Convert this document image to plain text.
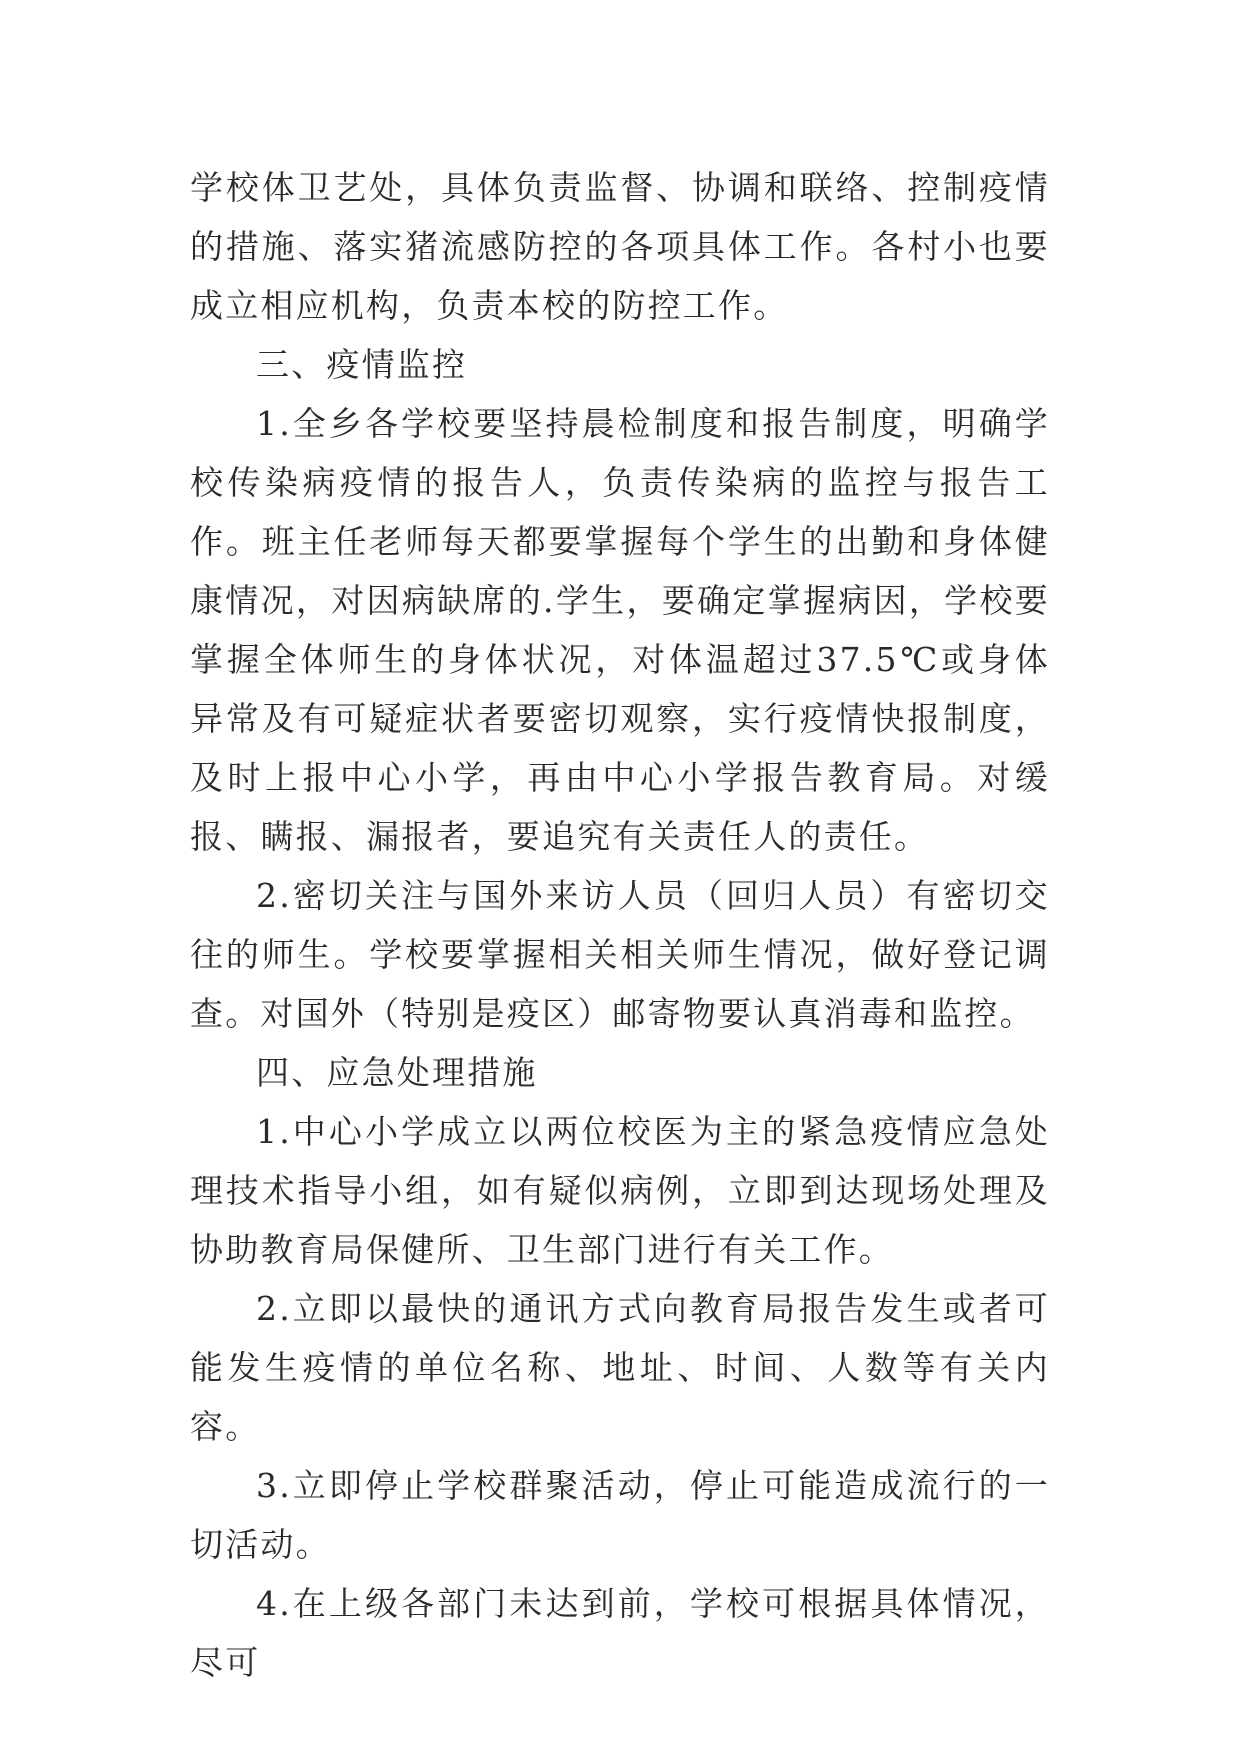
学校体卫艺处，具体负责监督、协调和联络、控制疫情的措施、落实猪流感防控的各项具体工作。各村小也要成立相应机构，负责本校的防控工作。

三、疫情监控

1.全乡各学校要坚持晨检制度和报告制度，明确学校传染病疫情的报告人，负责传染病的监控与报告工作。班主任老师每天都要掌握每个学生的出勤和身体健康情况，对因病缺席的.学生，要确定掌握病因，学校要掌握全体师生的身体状况，对体温超过37.5℃或身体异常及有可疑症状者要密切观察，实行疫情快报制度，及时上报中心小学，再由中心小学报告教育局。对缓报、瞒报、漏报者，要追究有关责任人的责任。

2.密切关注与国外来访人员（回归人员）有密切交往的师生。学校要掌握相关相关师生情况，做好登记调查。对国外（特别是疫区）邮寄物要认真消毒和监控。

四、应急处理措施

1.中心小学成立以两位校医为主的紧急疫情应急处理技术指导小组，如有疑似病例，立即到达现场处理及协助教育局保健所、卫生部门进行有关工作。

2.立即以最快的通讯方式向教育局报告发生或者可能发生疫情的单位名称、地址、时间、人数等有关内容。

3.立即停止学校群聚活动，停止可能造成流行的一切活动。

4.在上级各部门未达到前，学校可根据具体情况，尽可
